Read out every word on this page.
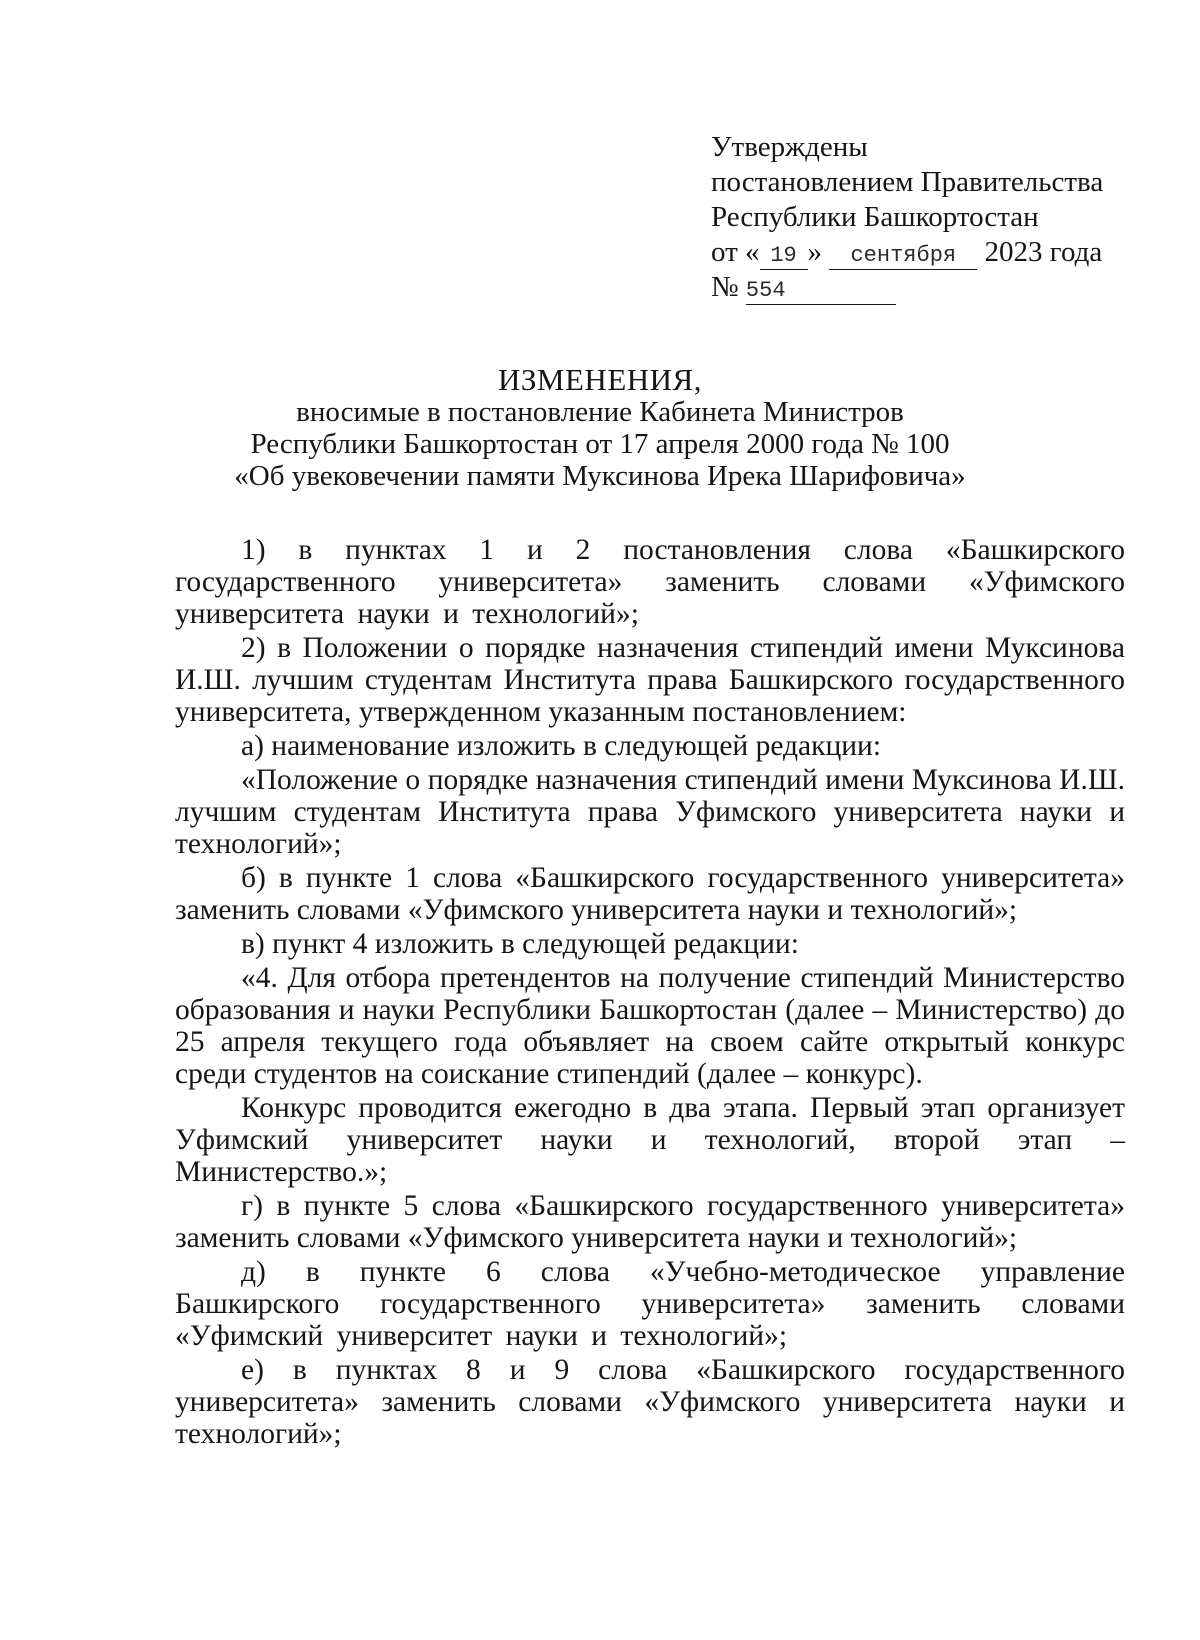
Утверждены
постановлением Правительства
Республики Башкортостан
от « 19 » сентября 2023 года
№ 554
ИЗМЕНЕНИЯ,
вносимые в постановление Кабинета Министров
Республики Башкортостан от 17 апреля 2000 года № 100
«Об увековечении памяти Муксинова Ирека Шарифовича»

1) в пунктах 1 и 2 постановления слова «Башкирского государственного университета» заменить словами «Уфимского университета науки и технологий»;

2) в Положении о порядке назначения стипендий имени Муксинова И.Ш. лучшим студентам Института права Башкирского государственного университета, утвержденном указанным постановлением:

а) наименование изложить в следующей редакции:

«Положение о порядке назначения стипендий имени Муксинова И.Ш. лучшим студентам Института права Уфимского университета науки и технологий»;

б) в пункте 1 слова «Башкирского государственного университета» заменить словами «Уфимского университета науки и технологий»;

в) пункт 4 изложить в следующей редакции:

«4. Для отбора претендентов на получение стипендий Министерство образования и науки Республики Башкортостан (далее – Министерство) до 25 апреля текущего года объявляет на своем сайте открытый конкурс среди студентов на соискание стипендий (далее – конкурс).

Конкурс проводится ежегодно в два этапа. Первый этап организует Уфимский университет науки и технологий, второй этап – Министерство.»;

г) в пункте 5 слова «Башкирского государственного университета» заменить словами «Уфимского университета науки и технологий»;

д) в пункте 6 слова «Учебно-методическое управление Башкирского государственного университета» заменить словами «Уфимский университет науки и технологий»;

е) в пунктах 8 и 9 слова «Башкирского государственного университета» заменить словами «Уфимского университета науки и технологий»;
